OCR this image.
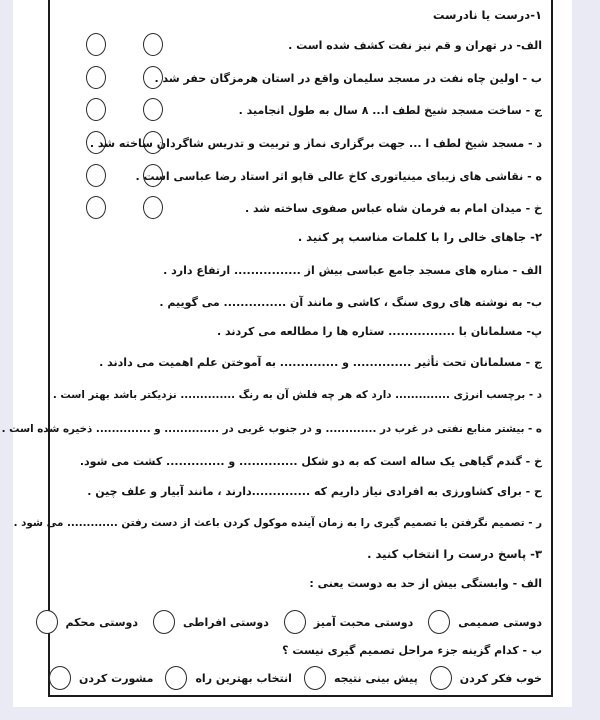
۱-درست یا نادرست
الف- در تهران و قم نیز نفت کشف شده است .
ب - اولین چاه نفت در مسجد سلیمان واقع در استان هرمزگان حفر شد .
ج - ساخت مسجد شیخ لطف ا... ۸ سال به طول انجامید .
د - مسجد شیخ لطف ا ... جهت برگزاری نماز و تربیت و تدریس شاگردان ساخته شد .
ه - نقاشی های زیبای مینیاتوری کاخ عالی قاپو اثر استاد رضا عباسی است .
خ - میدان امام به فرمان شاه عباس صفوی ساخته شد .
۲- جاهای خالی را با کلمات مناسب پر کنید .
الف - مناره های مسجد جامع عباسی بیش از ................ ارتفاع دارد .
ب- به نوشته های روی سنگ ، کاشی و مانند آن ............... می گوییم .
پ- مسلمانان با ................ ستاره ها را مطالعه می کردند .
ج - مسلمانان تحت تأثیر .............. و .............. به آموختن علم اهمیت می دادند .
د - برچسب انرژی .............. دارد که هر چه فلش آن به رنگ .............. نزدیکتر باشد بهتر است .
ه - بیشتر منابع نفتی در غرب در ............. و در جنوب غربی در .............. و .............. ذخیره شده است .
خ - گندم گیاهی یک ساله است که به دو شکل .............. و .............. کشت می شود.
ح - برای کشاورزی به افرادی نیاز داریم که ..............دارند ، مانند آبیار و علف چین .
ر - تصمیم نگرفتن یا تصمیم گیری را به زمان آینده موکول کردن باعث از دست رفتن ............. می شود .
۳- پاسخ درست را انتخاب کنید .
الف - وابستگی بیش از حد به دوست یعنی :
دوستی صمیمی
دوستی محبت آمیز
دوستی افراطی
دوستی محکم
ب - کدام گزینه جزء مراحل تصمیم گیری نیست ؟
خوب فکر کردن
پیش بینی نتیجه
انتخاب بهترین راه
مشورت کردن
